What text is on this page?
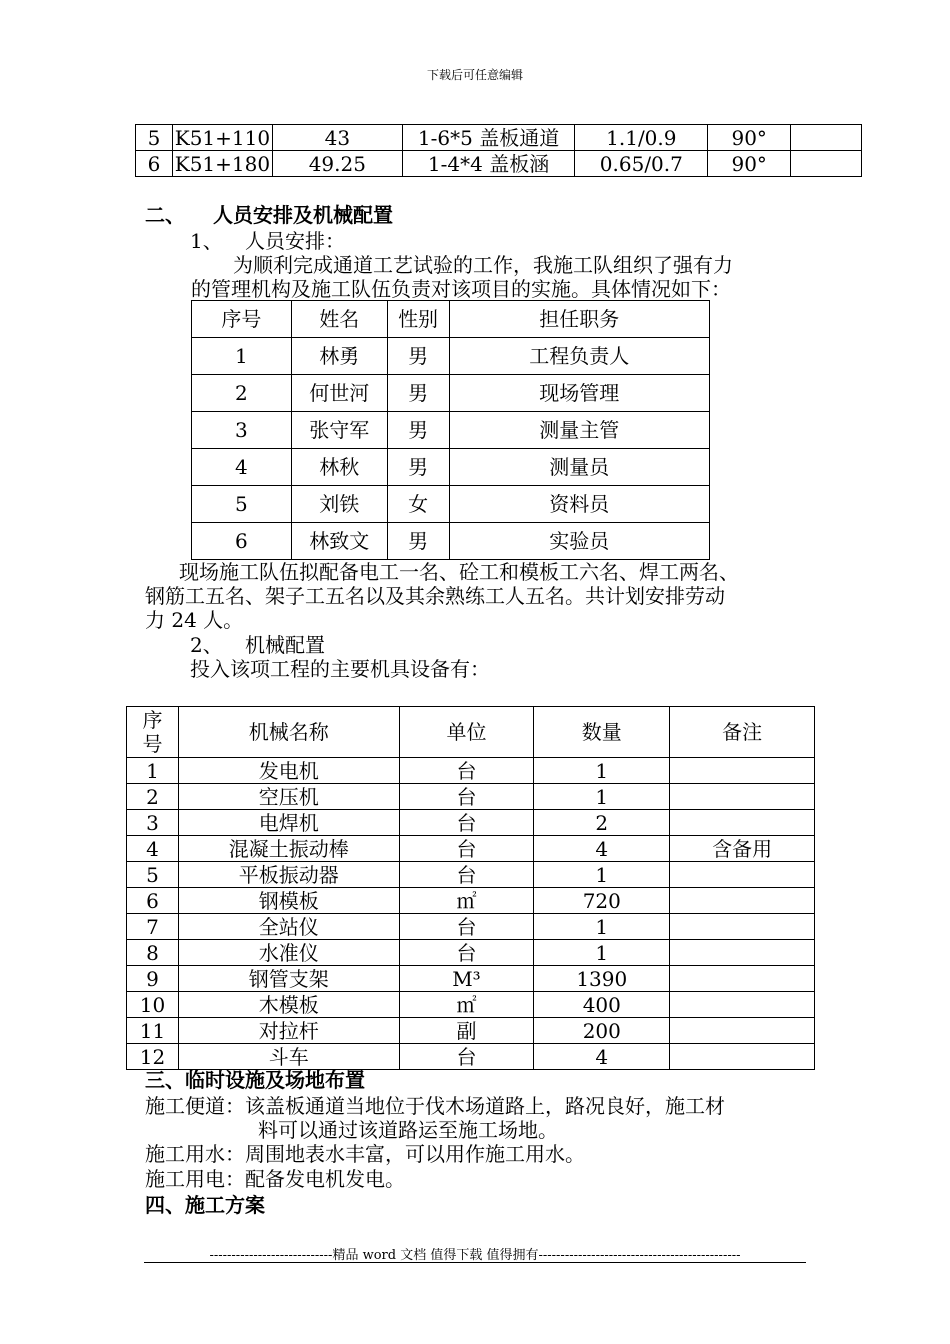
下载后可任意编辑
5	K51+110	43	1-6*5 盖板通道	1.1/0.9	90°	
6	K51+180	49.25	1-4*4 盖板涵	0.65/0.7	90°	
二、 人员安排及机械配置
1、 人员安排：
为顺利完成通道工艺试验的工作，我施工队组织了强有力
的管理机构及施工队伍负责对该项目的实施。具体情况如下：
序号	姓名	性别	担任职务
1	林勇	男	工程负责人
2	何世河	男	现场管理
3	张守军	男	测量主管
4	林秋	男	测量员
5	刘铁	女	资料员
6	林致文	男	实验员
现场施工队伍拟配备电工一名、砼工和模板工六名、焊工两名、
钢筋工五名、架子工五名以及其余熟练工人五名。共计划安排劳动
力 24 人。
2、 机械配置
投入该项工程的主要机具设备有：
序
号	机械名称	单位	数量	备注
1	发电机	台	1	
2	空压机	台	1	
3	电焊机	台	2	
4	混凝土振动棒	台	4	含备用
5	平板振动器	台	1	
6	钢模板	㎡	720	
7	全站仪	台	1	
8	水准仪	台	1	
9	钢管支架	M³	1390	
10	木模板	㎡	400	
11	对拉杆	副	200	
12	斗车	台	4	
三、临时设施及场地布置
施工便道：该盖板通道当地位于伐木场道路上，路况良好，施工材
料可以通过该道路运至施工场地。
施工用水：周围地表水丰富，可以用作施工用水。
施工用电：配备发电机发电。
四、施工方案
----------------------------精品 word 文档 值得下载 值得拥有----------------------------------------------
